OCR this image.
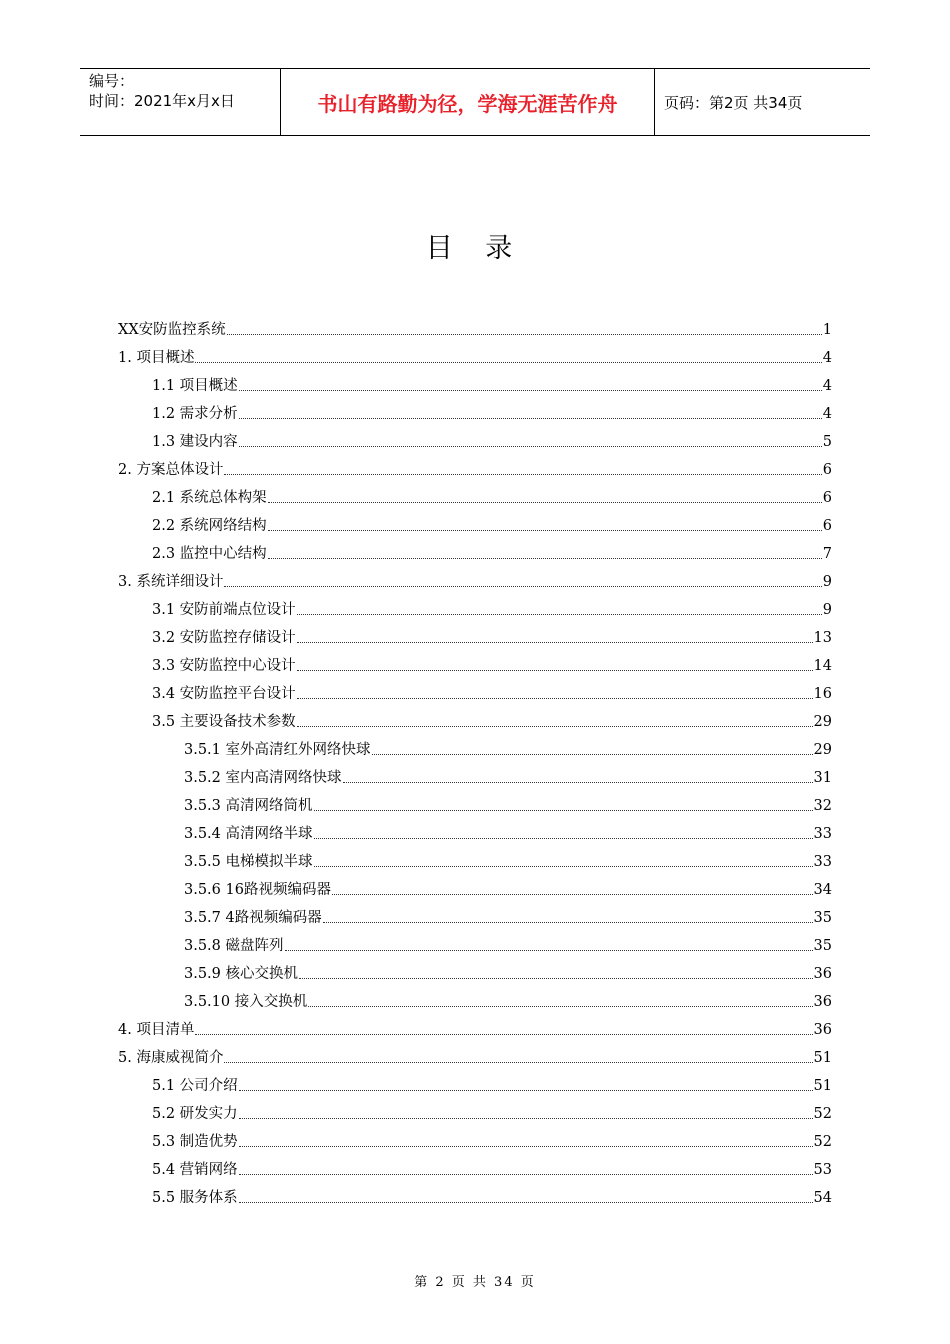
编号：
时间：2021年x月x日	书山有路勤为径，学海无涯苦作舟	页码：第2页 共34页
目 录
XX安防监控系统	1
1. 项目概述	4
1.1 项目概述	4
1.2 需求分析	4
1.3 建设内容	5
2. 方案总体设计	6
2.1 系统总体构架	6
2.2 系统网络结构	6
2.3 监控中心结构	7
3. 系统详细设计	9
3.1 安防前端点位设计	9
3.2 安防监控存储设计	13
3.3 安防监控中心设计	14
3.4 安防监控平台设计	16
3.5 主要设备技术参数	29
3.5.1 室外高清红外网络快球	29
3.5.2 室内高清网络快球	31
3.5.3 高清网络筒机	32
3.5.4 高清网络半球	33
3.5.5 电梯模拟半球	33
3.5.6 16路视频编码器	34
3.5.7 4路视频编码器	35
3.5.8 磁盘阵列	35
3.5.9 核心交换机	36
3.5.10 接入交换机	36
4. 项目清单	36
5. 海康威视简介	51
5.1 公司介绍	51
5.2 研发实力	52
5.3 制造优势	52
5.4 营销网络	53
5.5 服务体系	54
第 2 页 共 34 页
